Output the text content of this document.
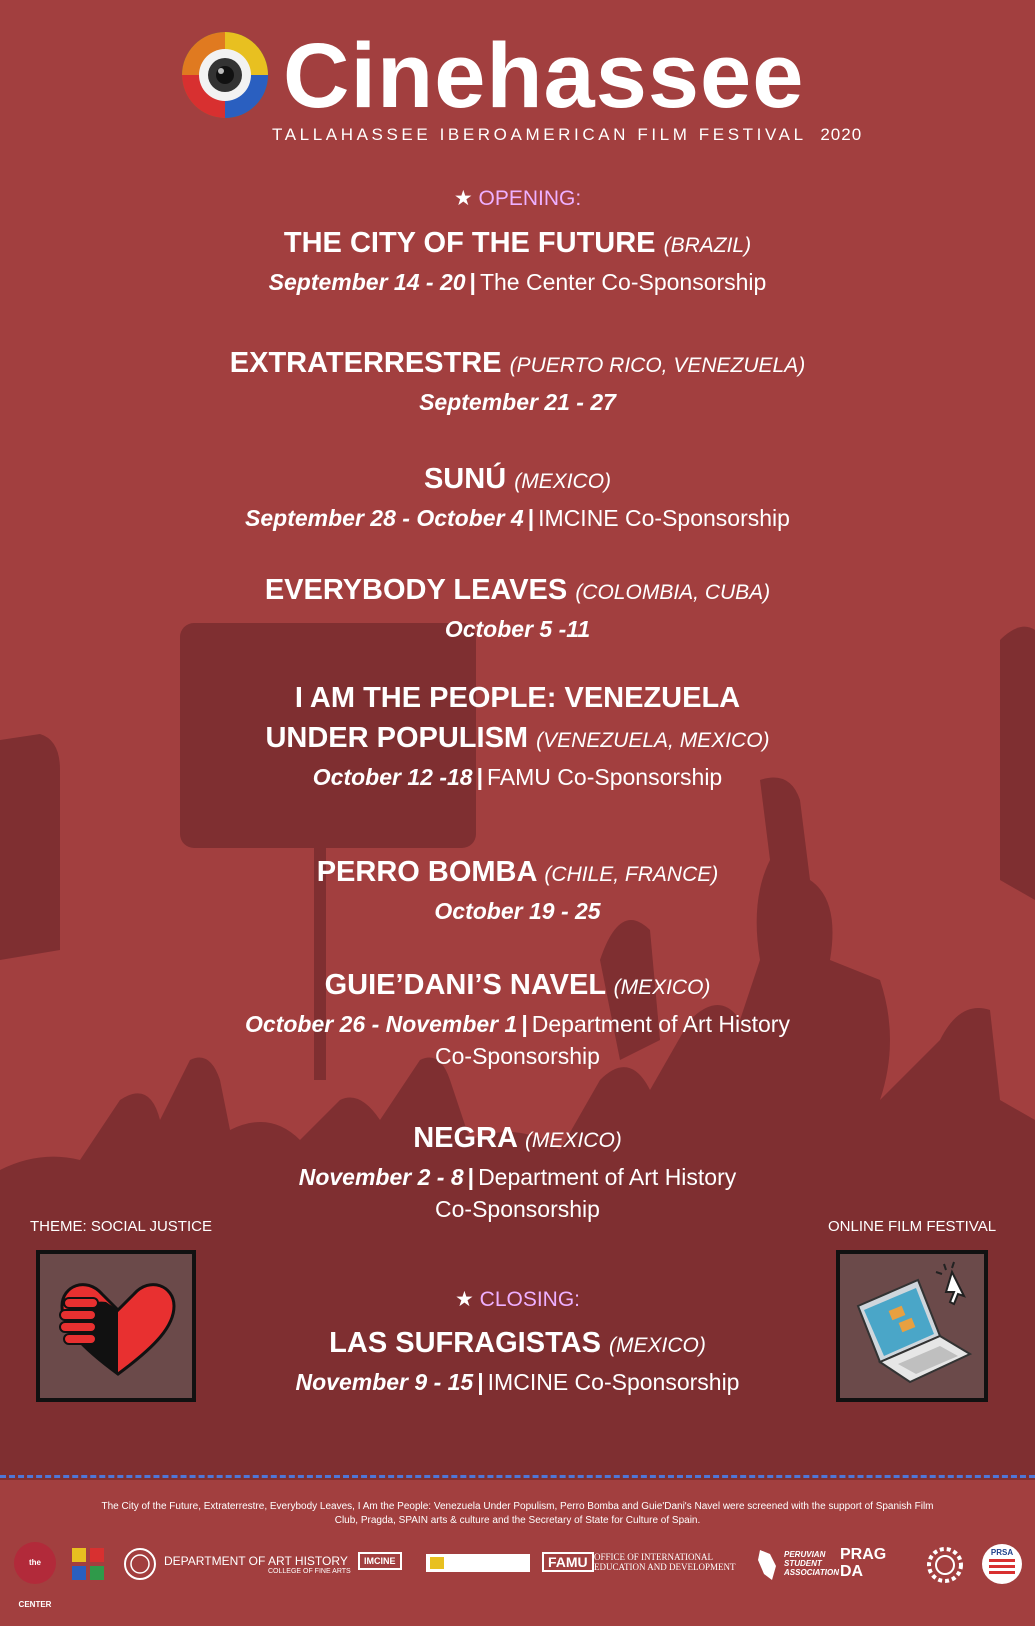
Cinehassee
TALLAHASSEE IBEROAMERICAN FILM FESTIVAL 2020
★ OPENING:
THE CITY OF THE FUTURE (BRAZIL)
September 14 - 20 | The Center Co-Sponsorship
EXTRATERRESTRE (PUERTO RICO, VENEZUELA)
September 21 - 27
SUNÚ (MEXICO)
September 28 - October 4 | IMCINE Co-Sponsorship
EVERYBODY LEAVES (COLOMBIA, CUBA)
October 5 -11
I AM THE PEOPLE: VENEZUELA
UNDER POPULISM (VENEZUELA, MEXICO)
October 12 -18 | FAMU Co-Sponsorship
PERRO BOMBA (CHILE, FRANCE)
October 19 - 25
GUIE’DANI’S NAVEL (MEXICO)
October 26 - November 1 | Department of Art History
Co-Sponsorship
NEGRA (MEXICO)
November 2 - 8 | Department of Art History
Co-Sponsorship
★ CLOSING:
LAS SUFRAGISTAS (MEXICO)
November 9 - 15 | IMCINE Co-Sponsorship
THEME: SOCIAL JUSTICE	ONLINE FILM FESTIVAL
The City of the Future, Extraterrestre, Everybody Leaves, I Am the People: Venezuela Under Populism, Perro Bomba and Guie'Dani's Navel were screened with the support of Spanish Film Club, Pragda, SPAIN arts & culture and the Secretary of State for Culture of Spain.
the CENTER
DEPARTMENT OF ART HISTORY
COLLEGE OF FINE ARTS
IMCINE	FAMU OFFICE OF INTERNATIONAL
EDUCATION AND DEVELOPMENT
PERUVIAN
STUDENT
ASSOCIATION
PRAG
DA
PRSA
